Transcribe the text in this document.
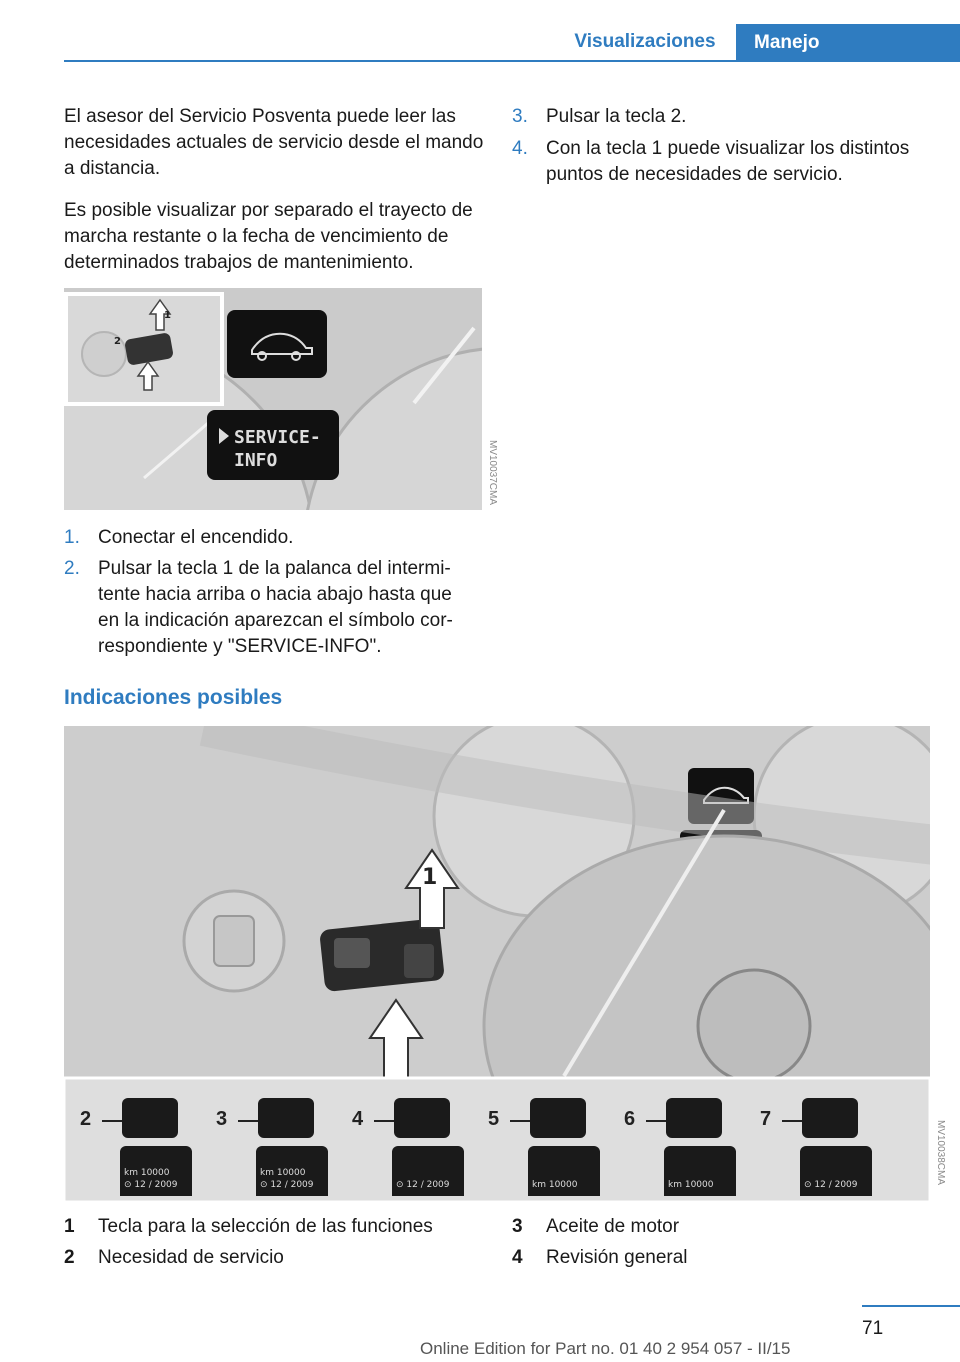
Visualizaciones	Manejo

El asesor del Servicio Posventa puede leer las necesidades actuales de servicio desde el mando a distancia.

Es posible visualizar por separado el trayecto de marcha restante o la fecha de vencimiento de determinados trabajos de mantenimiento.

SERVICE-
INFO
1
2
MV10037CMA
1. Conectar el encendido.
2. Pulsar la tecla 1 de la palanca del intermi-tente hacia arriba o hacia abajo hasta que en la indicación aparezcan el símbolo cor-respondiente y "SERVICE-INFO".
3. Pulsar la tecla 2.
4. Con la tecla 1 puede visualizar los distintos puntos de necesidades de servicio.
Indicaciones posibles
1
2
km 10000
⊙ 12 / 2009
3
km 10000
⊙ 12 / 2009
4
⊙ 12 / 2009
5
km 10000
6
km 10000
7
⊙ 12 / 2009	MV10038CMA
1 Tecla para la selección de las funciones
2 Necesidad de servicio
3 Aceite de motor
4 Revisión general
71
Online Edition for Part no. 01 40 2 954 057 - II/15
